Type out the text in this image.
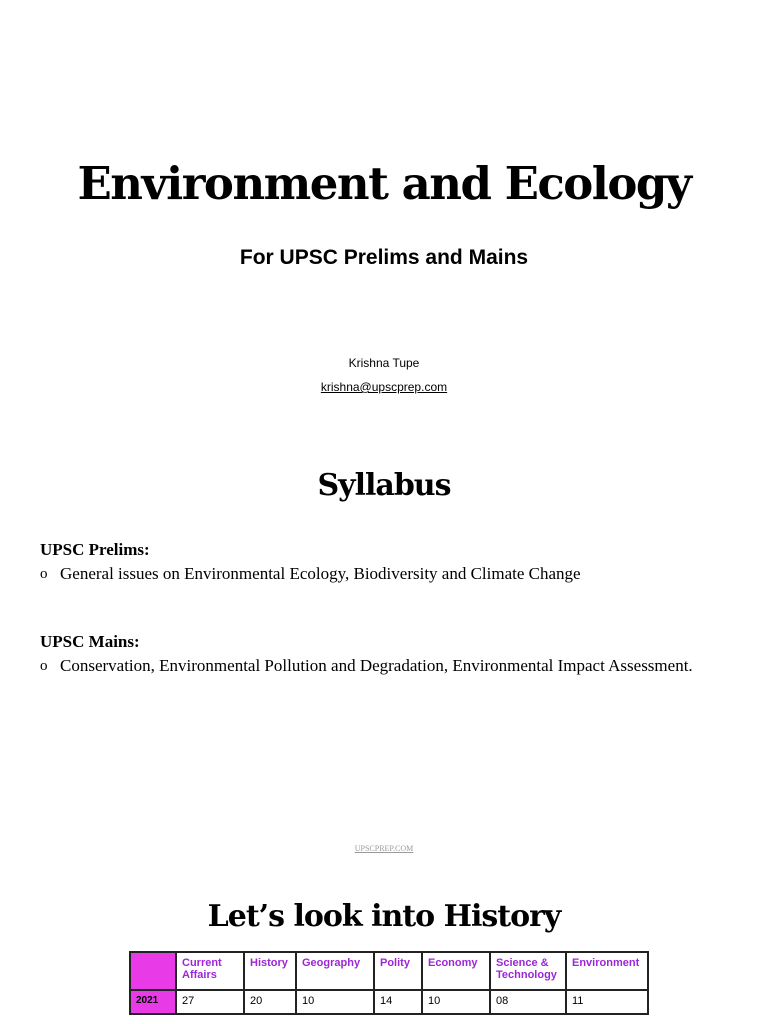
Environment and Ecology
For UPSC Prelims and Mains
Krishna Tupe
krishna@upscprep.com
Syllabus

UPSC Prelims:

o General issues on Environmental Ecology, Biodiversity and Climate Change

UPSC Mains:

o Conservation, Environmental Pollution and Degradation, Environmental Impact Assessment.
UPSCPREP.COM
Let’s look into History
	Current Affairs	History	Geography	Polity	Economy	Science & Technology	Environment
2021	27	20	10	14	10	08	11
